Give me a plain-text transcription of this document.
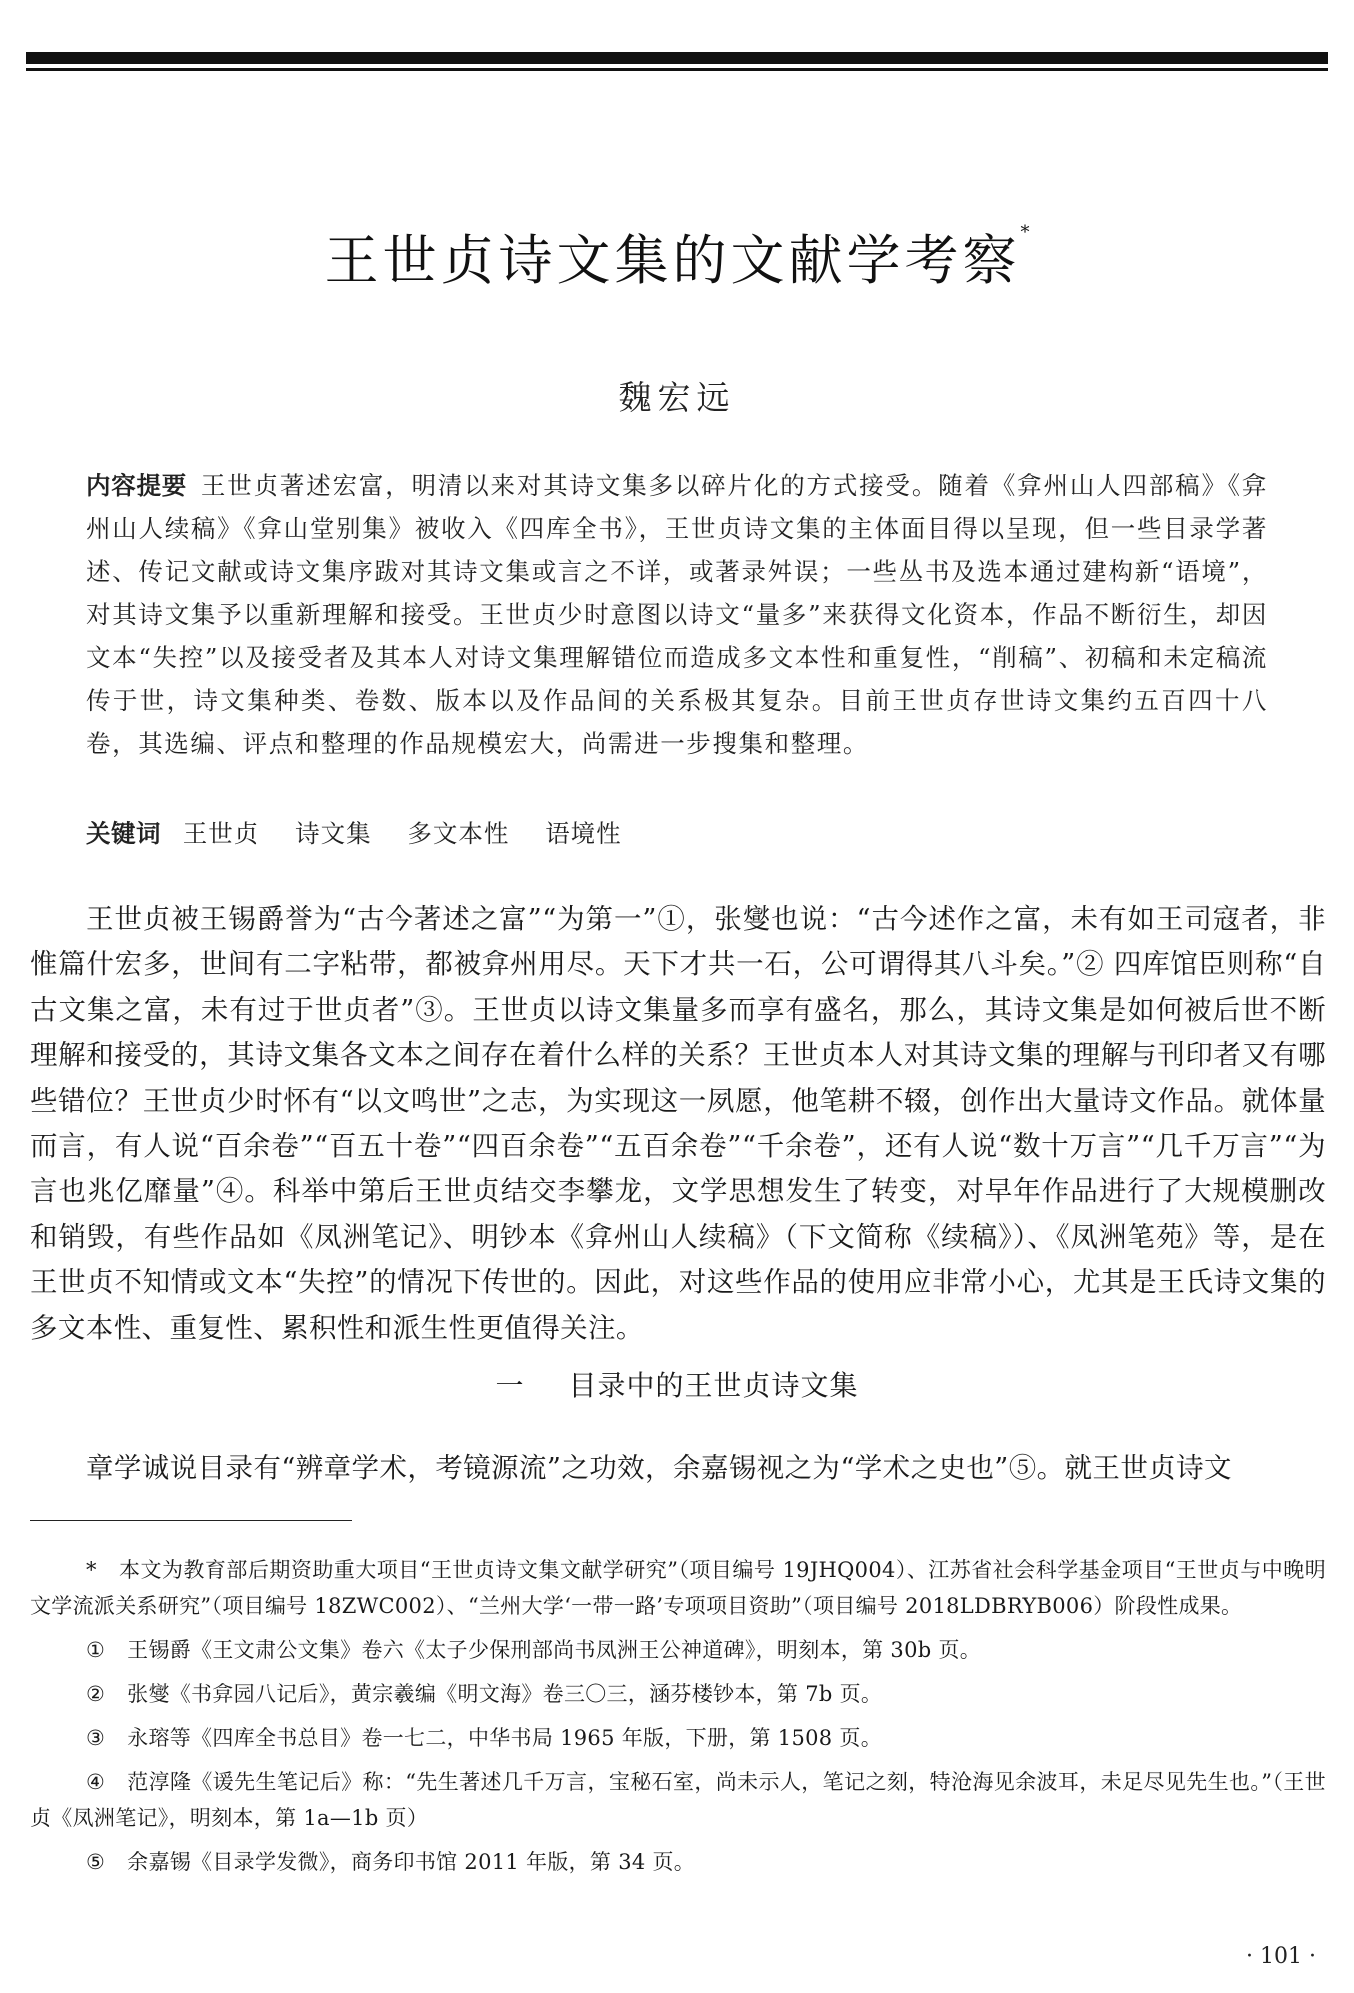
王世贞诗文集的文献学考察*
魏宏远
内容提要 王世贞著述宏富，明清以来对其诗文集多以碎片化的方式接受。随着《弇州山人四部稿》《弇州山人续稿》《弇山堂别集》被收入《四库全书》，王世贞诗文集的主体面目得以呈现，但一些目录学著述、传记文献或诗文集序跋对其诗文集或言之不详，或著录舛误；一些丛书及选本通过建构新“语境”，对其诗文集予以重新理解和接受。王世贞少时意图以诗文“量多”来获得文化资本，作品不断衍生，却因文本“失控”以及接受者及其本人对诗文集理解错位而造成多文本性和重复性，“削稿”、初稿和未定稿流传于世，诗文集种类、卷数、版本以及作品间的关系极其复杂。目前王世贞存世诗文集约五百四十八卷，其选编、评点和整理的作品规模宏大，尚需进一步搜集和整理。
关键词 王世贞 诗文集 多文本性 语境性

王世贞被王锡爵誉为“古今著述之富”“为第一”①，张燮也说：“古今述作之富，未有如王司寇者，非惟篇什宏多，世间有二字粘带，都被弇州用尽。天下才共一石，公可谓得其八斗矣。”② 四库馆臣则称“自古文集之富，未有过于世贞者”③。王世贞以诗文集量多而享有盛名，那么，其诗文集是如何被后世不断理解和接受的，其诗文集各文本之间存在着什么样的关系？王世贞本人对其诗文集的理解与刊印者又有哪些错位？王世贞少时怀有“以文鸣世”之志，为实现这一夙愿，他笔耕不辍，创作出大量诗文作品。就体量而言，有人说“百余卷”“百五十卷”“四百余卷”“五百余卷”“千余卷”，还有人说“数十万言”“几千万言”“为言也兆亿靡量”④。科举中第后王世贞结交李攀龙，文学思想发生了转变，对早年作品进行了大规模删改和销毁，有些作品如《凤洲笔记》、明钞本《弇州山人续稿》（下文简称《续稿》）、《凤洲笔苑》等，是在王世贞不知情或文本“失控”的情况下传世的。因此，对这些作品的使用应非常小心，尤其是王氏诗文集的多文本性、重复性、累积性和派生性更值得关注。

一 目录中的王世贞诗文集

章学诚说目录有“辨章学术，考镜源流”之功效，余嘉锡视之为“学术之史也”⑤。就王世贞诗文

* 本文为教育部后期资助重大项目“王世贞诗文集文献学研究”（项目编号 19JHQ004）、江苏省社会科学基金项目“王世贞与中晚明文学流派关系研究”（项目编号 18ZWC002）、“兰州大学‘一带一路’专项项目资助”（项目编号 2018LDBRYB006）阶段性成果。

① 王锡爵《王文肃公文集》卷六《太子少保刑部尚书凤洲王公神道碑》，明刻本，第 30b 页。

② 张燮《书弇园八记后》，黄宗羲编《明文海》卷三〇三，涵芬楼钞本，第 7b 页。

③ 永瑢等《四库全书总目》卷一七二，中华书局 1965 年版，下册，第 1508 页。

④ 范淳隆《谖先生笔记后》称：“先生著述几千万言，宝秘石室，尚未示人，笔记之刻，特沧海见余波耳，未足尽见先生也。”（王世贞《凤洲笔记》，明刻本，第 1a—1b 页）

⑤ 余嘉锡《目录学发微》，商务印书馆 2011 年版，第 34 页。

· 101 ·
